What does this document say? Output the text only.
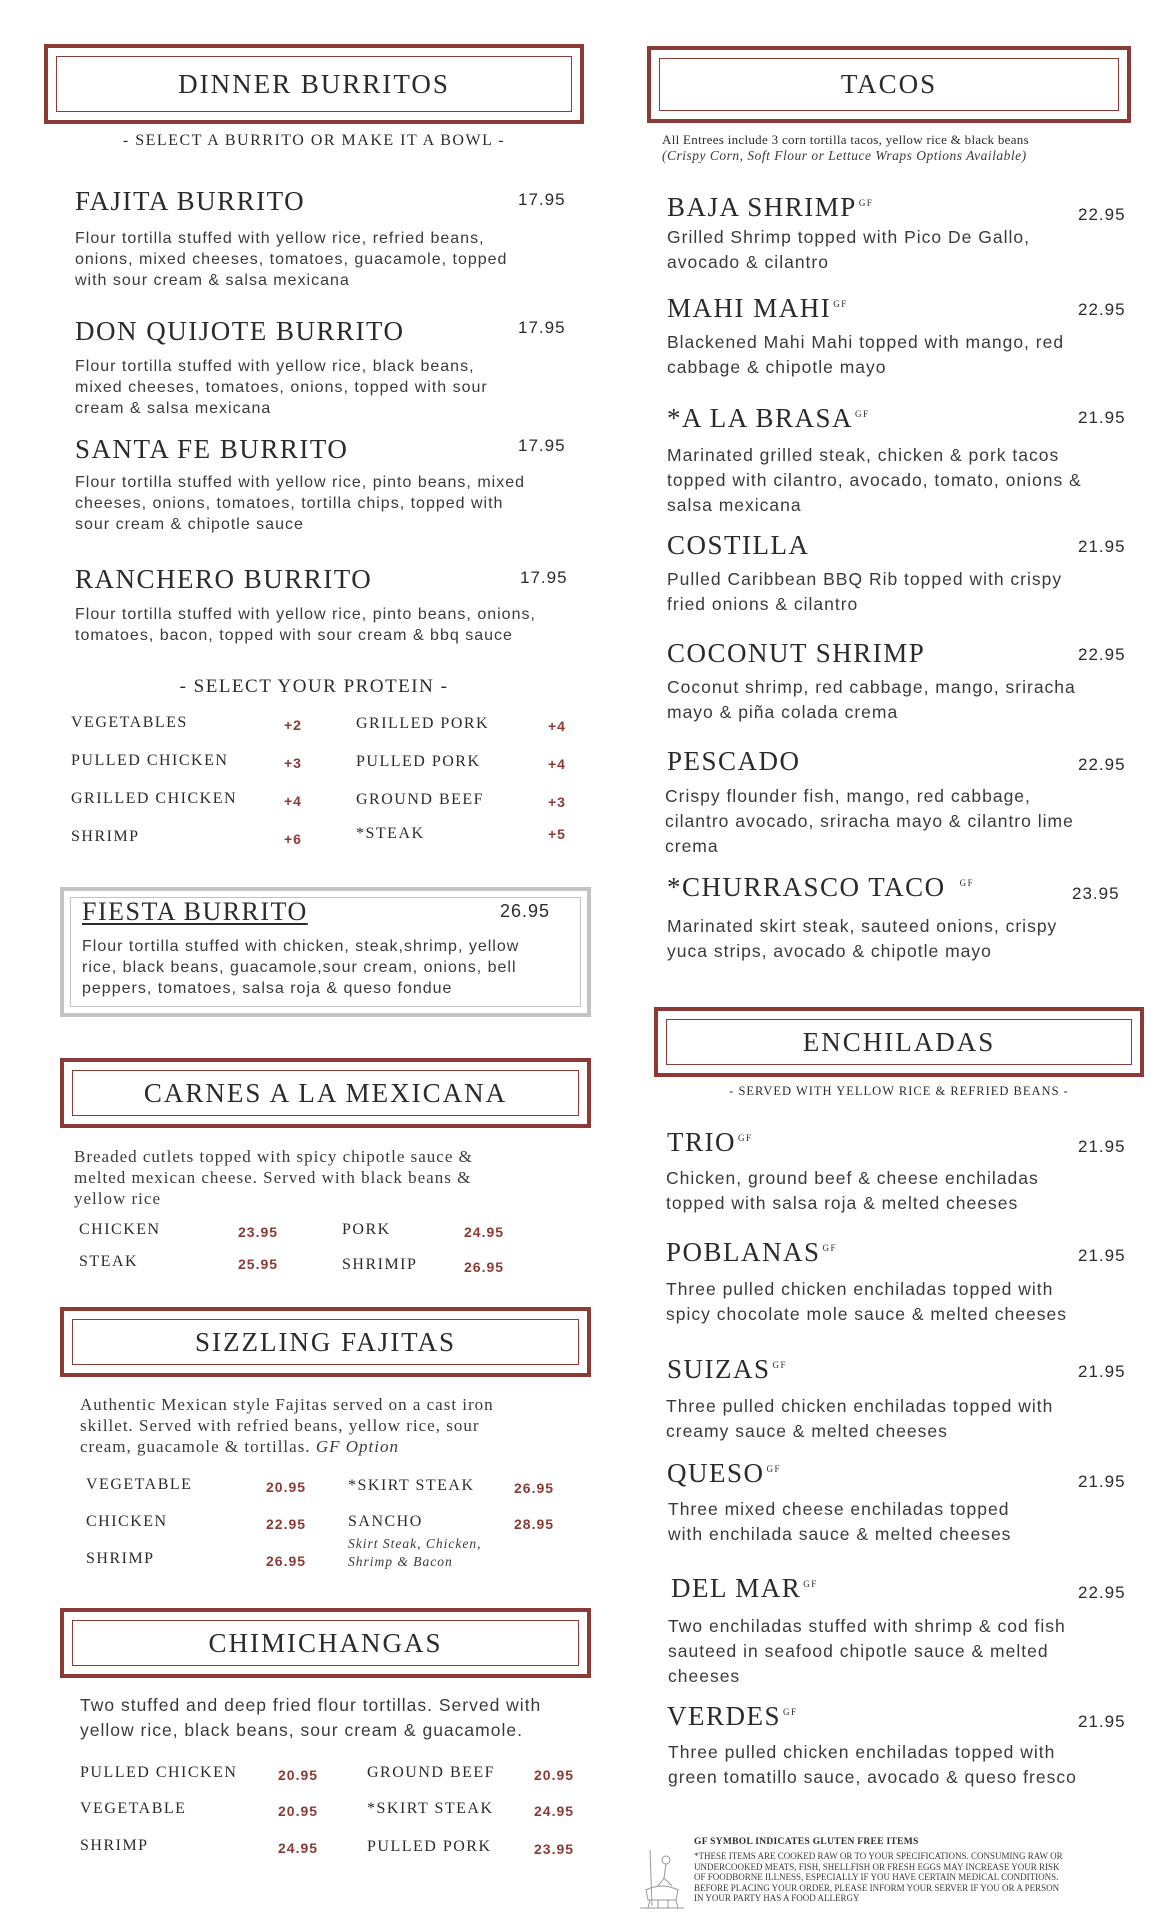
DINNER BURRITOS
- SELECT A BURRITO OR MAKE IT A BOWL -
FAJITA BURRITO	17.95
Flour tortilla stuffed with yellow rice, refried beans,
onions, mixed cheeses, tomatoes, guacamole, topped
with sour cream & salsa mexicana
DON QUIJOTE BURRITO	17.95
Flour tortilla stuffed with yellow rice, black beans,
mixed cheeses, tomatoes, onions, topped with sour
cream & salsa mexicana
SANTA FE BURRITO	17.95
Flour tortilla stuffed with yellow rice, pinto beans, mixed
cheeses, onions, tomatoes, tortilla chips, topped with
sour cream & chipotle sauce
RANCHERO BURRITO	17.95
Flour tortilla stuffed with yellow rice, pinto beans, onions,
tomatoes, bacon, topped with sour cream & bbq sauce
- SELECT YOUR PROTEIN -
VEGETABLES	+2
PULLED CHICKEN	+3
GRILLED CHICKEN	+4
SHRIMP	+6
GRILLED PORK	+4
PULLED PORK	+4
GROUND BEEF	+3
*STEAK	+5
FIESTA BURRITO	26.95
Flour tortilla stuffed with chicken, steak,shrimp, yellow
rice, black beans, guacamole,sour cream, onions, bell
peppers, tomatoes, salsa roja & queso fondue
CARNES A LA MEXICANA
Breaded cutlets topped with spicy chipotle sauce &
melted mexican cheese. Served with black beans &
yellow rice
CHICKEN	23.95
STEAK	25.95
PORK	24.95
SHRIMIP	26.95
SIZZLING FAJITAS
Authentic Mexican style Fajitas served on a cast iron
skillet. Served with refried beans, yellow rice, sour
cream, guacamole & tortillas. GF Option
VEGETABLE	20.95
CHICKEN	22.95
SHRIMP	26.95
*SKIRT STEAK	26.95
SANCHO	28.95
Skirt Steak, Chicken,
Shrimp & Bacon
CHIMICHANGAS
Two stuffed and deep fried flour tortillas. Served with
yellow rice, black beans, sour cream & guacamole.
PULLED CHICKEN	20.95
VEGETABLE	20.95
SHRIMP	24.95
GROUND BEEF	20.95
*SKIRT STEAK	24.95
PULLED PORK	23.95
TACOS
All Entrees include 3 corn tortilla tacos, yellow rice & black beans
(Crispy Corn, Soft Flour or Lettuce Wraps Options Available)
BAJA SHRIMP $^{GF}$
22.95
Grilled Shrimp topped with Pico De Gallo,
avocado & cilantro
MAHI MAHI $^{GF}$	22.95
Blackened Mahi Mahi topped with mango, red
cabbage & chipotle mayo
*A LA BRASA $^{GF}$	21.95
Marinated grilled steak, chicken & pork tacos
topped with cilantro, avocado, tomato, onions &
salsa mexicana
COSTILLA	21.95
Pulled Caribbean BBQ Rib topped with crispy
fried onions & cilantro
COCONUT SHRIMP	22.95
Coconut shrimp, red cabbage, mango, sriracha
mayo & piña colada crema
PESCADO	22.95
Crispy flounder fish, mango, red cabbage,
cilantro avocado, sriracha mayo & cilantro lime
crema
*CHURRASCO TACO $^{GF}$
23.95
Marinated skirt steak, sauteed onions, crispy
yuca strips, avocado & chipotle mayo
ENCHILADAS
- SERVED WITH YELLOW RICE & REFRIED BEANS -
TRIO $^{GF}$	21.95
Chicken, ground beef & cheese enchiladas
topped with salsa roja & melted cheeses
POBLANAS $^{GF}$	21.95
Three pulled chicken enchiladas topped with
spicy chocolate mole sauce & melted cheeses
SUIZAS $^{GF}$	21.95
Three pulled chicken enchiladas topped with
creamy sauce & melted cheeses
QUESO $^{GF}$
21.95
Three mixed cheese enchiladas topped
with enchilada sauce & melted cheeses
DEL MAR $^{GF}$	22.95
Two enchiladas stuffed with shrimp & cod fish
sauteed in seafood chipotle sauce & melted
cheeses
VERDES $^{GF}$	21.95
Three pulled chicken enchiladas topped with
green tomatillo sauce, avocado & queso fresco
GF SYMBOL INDICATES GLUTEN FREE ITEMS
*THESE ITEMS ARE COOKED RAW OR TO YOUR SPECIFICATIONS. CONSUMING RAW OR
UNDERCOOKED MEATS, FISH, SHELLFISH OR FRESH EGGS MAY INCREASE YOUR RISK
OF FOODBORNE ILLNESS, ESPECIALLY IF YOU HAVE CERTAIN MEDICAL CONDITIONS.
BEFORE PLACING YOUR ORDER, PLEASE INFORM YOUR SERVER IF YOU OR A PERSON
IN YOUR PARTY HAS A FOOD ALLERGY
